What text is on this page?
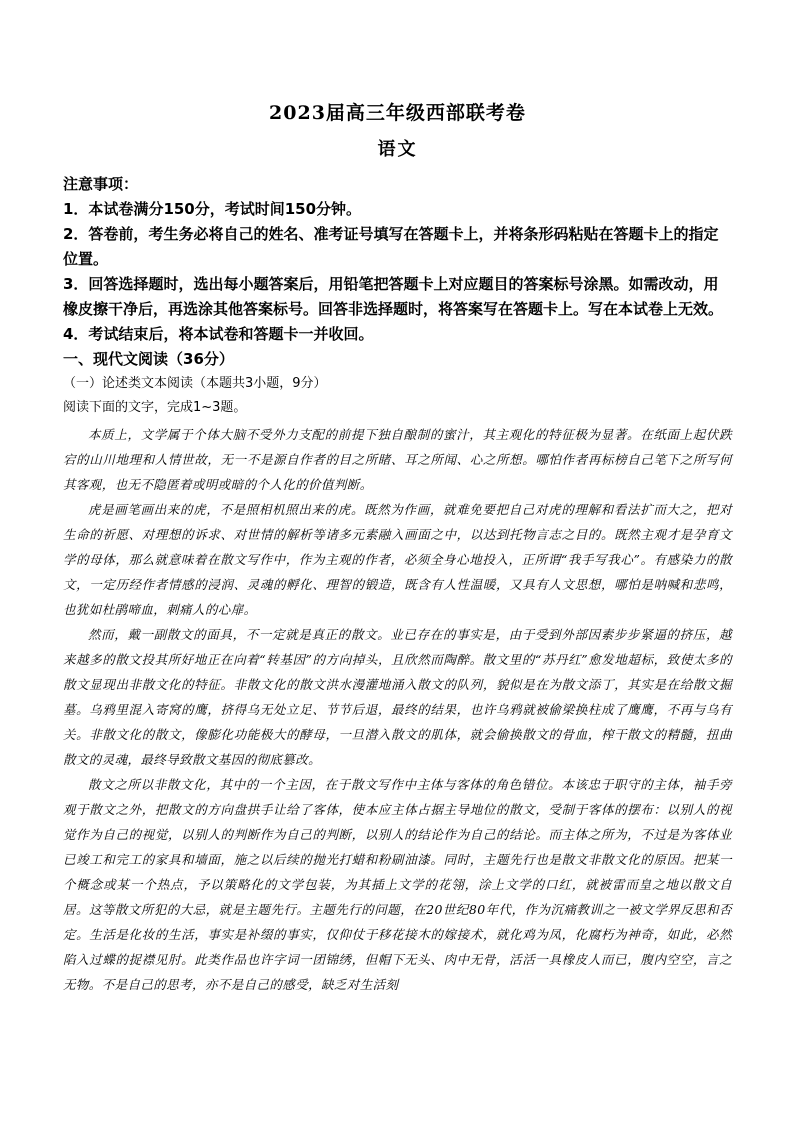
2023届高三年级西部联考卷
语文

注意事项：

1．本试卷满分150分，考试时间150分钟。

2．答卷前，考生务必将自己的姓名、准考证号填写在答题卡上，并将条形码粘贴在答题卡上的指定位置。

3．回答选择题时，选出每小题答案后，用铅笔把答题卡上对应题目的答案标号涂黑。如需改动，用橡皮擦干净后，再选涂其他答案标号。回答非选择题时，将答案写在答题卡上。写在本试卷上无效。

4．考试结束后，将本试卷和答题卡一并收回。

一、现代文阅读（36分）

（一）论述类文本阅读（本题共3小题，9分）

阅读下面的文字，完成1~3题。

本质上，文学属于个体大脑不受外力支配的前提下独自酿制的蜜汁，其主观化的特征极为显著。在纸面上起伏跌宕的山川地理和人情世故，无一不是源自作者的目之所睹、耳之所闻、心之所想。哪怕作者再标榜自己笔下之所写何其客观，也无不隐匿着或明或暗的个人化的价值判断。

虎是画笔画出来的虎，不是照相机照出来的虎。既然为作画，就难免要把自己对虎的理解和看法扩而大之，把对生命的祈愿、对理想的诉求、对世情的解析等诸多元素融入画面之中，以达到托物言志之目的。既然主观才是孕育文学的母体，那么就意味着在散文写作中，作为主观的作者，必须全身心地投入，正所谓“我手写我心”。有感染力的散文，一定历经作者情感的浸润、灵魂的孵化、理智的锻造，既含有人性温暖，又具有人文思想，哪怕是呐喊和悲鸣，也犹如杜鹃啼血，刺痛人的心扉。

然而，戴一副散文的面具，不一定就是真正的散文。业已存在的事实是，由于受到外部因素步步紧逼的挤压，越来越多的散文投其所好地正在向着“转基因”的方向掉头，且欣然而陶醉。散文里的“苏丹红”愈发地超标，致使太多的散文显现出非散文化的特征。非散文化的散文洪水漫灌地涌入散文的队列，貌似是在为散文添丁，其实是在给散文掘墓。乌鸦里混入寄窝的鹰，挤得乌无处立足、节节后退，最终的结果，也许乌鸦就被偷梁换柱成了鹰鹰，不再与乌有关。非散文化的散文，像膨化功能极大的酵母，一旦潜入散文的肌体，就会偷换散文的骨血，榨干散文的精髓，扭曲散文的灵魂，最终导致散文基因的彻底篡改。

散文之所以非散文化，其中的一个主因，在于散文写作中主体与客体的角色错位。本该忠于职守的主体，袖手旁观于散文之外，把散文的方向盘拱手让给了客体，使本应主体占据主导地位的散文，受制于客体的摆布：以别人的视觉作为自己的视觉，以别人的判断作为自己的判断，以别人的结论作为自己的结论。而主体之所为，不过是为客体业已竣工和完工的家具和墙面，施之以后续的抛光打蜡和粉刷油漆。同时，主题先行也是散文非散文化的原因。把某一个概念或某一个热点，予以策略化的文学包装，为其插上文学的花翎，涂上文学的口红，就被雷而皇之地以散文自居。这等散文所犯的大忌，就是主题先行。主题先行的问题，在20世纪80年代，作为沉痛教训之一被文学界反思和否定。生活是化妆的生活，事实是补缀的事实，仅仰仗于移花接木的嫁接术，就化鸡为凤，化腐朽为神奇，如此，必然陷入过蝶的捉襟见肘。此类作品也许字词一团锦绣，但帽下无头、肉中无骨，活活一具橡皮人而已，腹内空空，言之无物。不是自己的思考，亦不是自己的感受，缺乏对生活刻
